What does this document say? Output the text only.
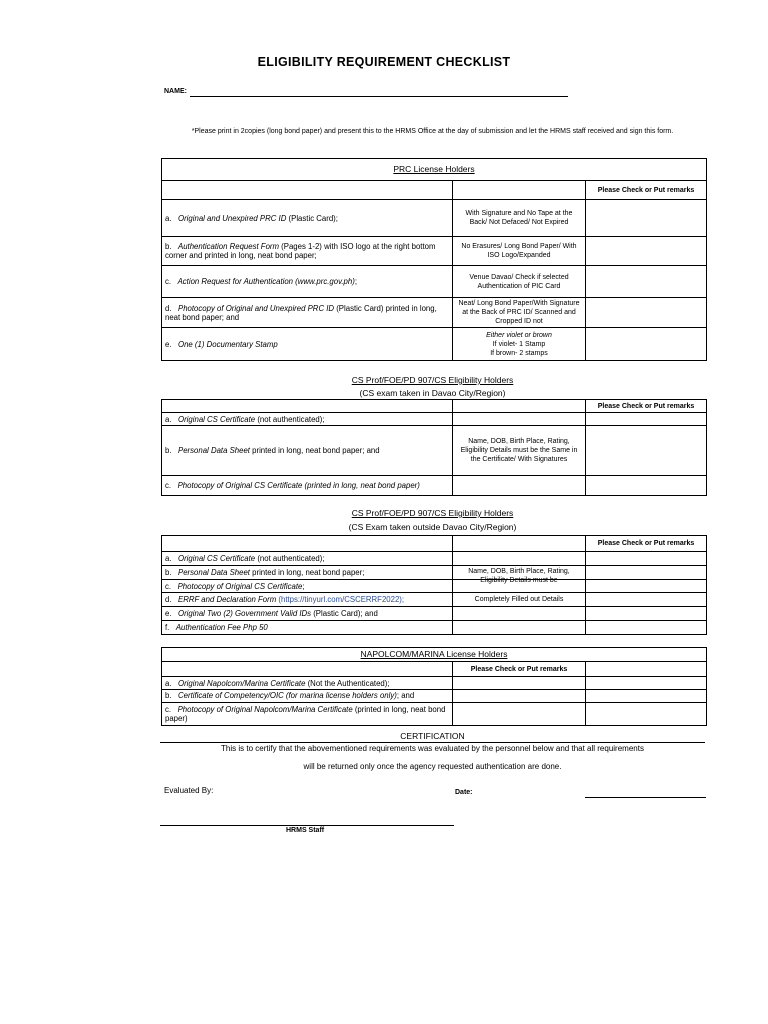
ELIGIBILITY REQUIREMENT CHECKLIST
NAME:
*Please print in 2copies (long bond paper) and present this to the HRMS Office at the day of submission and let the HRMS staff received and sign this form.
PRC License Holders		
		Please Check or Put remarks
a. Original and Unexpired PRC ID (Plastic Card);	With Signature and No Tape at the Back/ Not Defaced/ Not Expired	
b. Authentication Request Form (Pages 1-2) with ISO logo at the right bottom corner and printed in long, neat bond paper;	No Erasures/ Long Bond Paper/ With ISO Logo/Expanded	
c. Action Request for Authentication (www.prc.gov.ph);	Venue Davao/ Check if selected Authentication of PIC Card	
d. Photocopy of Original and Unexpired PRC ID (Plastic Card) printed in long, neat bond paper; and	Neat/ Long Bond Paper/With Signature at the Back of PRC ID/ Scanned and Cropped ID not	
e. One (1) Documentary Stamp	Either violet or brown
If violet- 1 Stamp
If brown- 2 stamps	
CS Prof/FOE/PD 907/CS Eligibility Holders
(CS exam taken in Davao City/Region)
		Please Check or Put remarks
a. Original CS Certificate (not authenticated);		
b. Personal Data Sheet printed in long, neat bond paper; and	Name, DOB, Birth Place, Rating, Eligibility Details must be the Same in the Certificate/ With Signatures	
c. Photocopy of Original CS Certificate (printed in long, neat bond paper)		
CS Prof/FOE/PD 907/CS Eligibility Holders
(CS Exam taken outside Davao City/Region)
		Please Check or Put remarks
a. Original CS Certificate (not authenticated);		
b. Personal Data Sheet printed in long, neat bond paper;	Name, DOB, Birth Place, Rating, Eligibility Details must be	

c. Photocopy of Original CS Certificate;		

d. ERRF and Declaration Form (https://tinyurl.com/CSCERRF2022);	Completely Filled out Details	
e. Original Two (2) Government Valid IDs (Plastic Card); and		
f. Authentication Fee Php 50		
NAPOLCOM/MARINA License Holders		
	Please Check or Put remarks	
a. Original Napolcom/Marina Certificate (Not the Authenticated);		

b. Certificate of Competency/OIC (for marina license holders only); and		

c. Photocopy of Original Napolcom/Marina Certificate (printed in long, neat bond paper)		
CERTIFICATION
This is to certify that the abovementioned requirements was evaluated by the personnel below and that all requirements
will be returned only once the agency requested authentication are done.
Evaluated By:	Date:
HRMS Staff
